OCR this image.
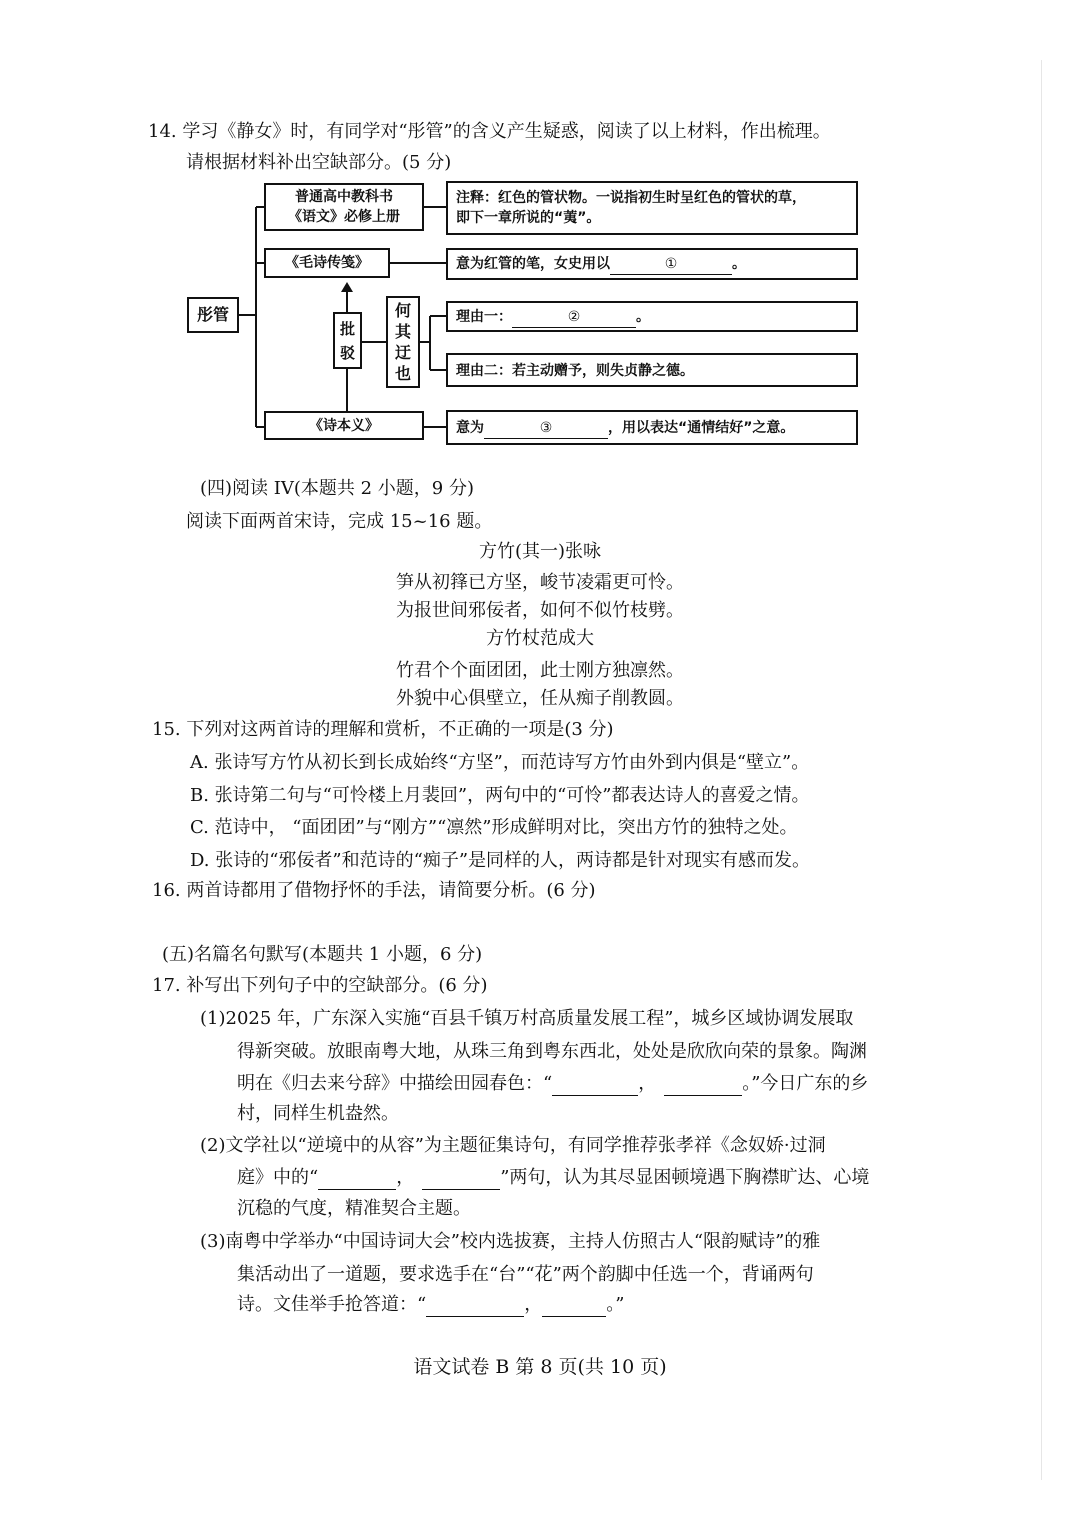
14. 学习《静女》时，有同学对“彤管”的含义产生疑惑，阅读了以上材料，作出梳理。
请根据材料补出空缺部分。(5 分)
彤管
普通高中教科书
《语文》必修上册
注释：红色的管状物。一说指初生时呈红色的管状的草，
即下一章所说的“荑”。
《毛诗传笺》	意为红管的笔，女史用以	①	。
批驳
何其迂也
理由一：	②	。
理由二：若主动赠予，则失贞静之德。
《诗本义》	意为	③	，用以表达“通情结好”之意。
(四)阅读 IV(本题共 2 小题，9 分)
阅读下面两首宋诗，完成 15~16 题。
方竹(其一)张咏
笋从初箨已方坚，峻节凌霜更可怜。
为报世间邪佞者，如何不似竹枝劈。
方竹杖范成大
竹君个个面团团，此士刚方独凛然。
外貌中心俱壁立，任从痴子削教圆。
15. 下列对这两首诗的理解和赏析，不正确的一项是(3 分)
A. 张诗写方竹从初长到长成始终“方坚”，而范诗写方竹由外到内俱是“壁立”。
B. 张诗第二句与“可怜楼上月裴回”，两句中的“可怜”都表达诗人的喜爱之情。
C. 范诗中， “面团团”与“刚方”“凛然”形成鲜明对比，突出方竹的独特之处。
D. 张诗的“邪佞者”和范诗的“痴子”是同样的人，两诗都是针对现实有感而发。
16. 两首诗都用了借物抒怀的手法，请简要分析。(6 分)
(五)名篇名句默写(本题共 1 小题，6 分)
17. 补写出下列句子中的空缺部分。(6 分)
(1)2025 年，广东深入实施“百县千镇万村高质量发展工程”，城乡区域协调发展取
得新突破。放眼南粤大地，从珠三角到粤东西北，处处是欣欣向荣的景象。陶渊
明在《归去来兮辞》中描绘田园春色：“	，	。”今日广东的乡
村，同样生机盎然。
(2)文学社以“逆境中的从容”为主题征集诗句，有同学推荐张孝祥《念奴娇·过洞
庭》中的“	，	”两句，认为其尽显困顿境遇下胸襟旷达、心境
沉稳的气度，精准契合主题。
(3)南粤中学举办“中国诗词大会”校内选拔赛，主持人仿照古人“限韵赋诗”的雅
集活动出了一道题，要求选手在“台”“花”两个韵脚中任选一个，背诵两句
诗。文佳举手抢答道：“	，	。”
语文试卷 B 第 8 页(共 10 页)
